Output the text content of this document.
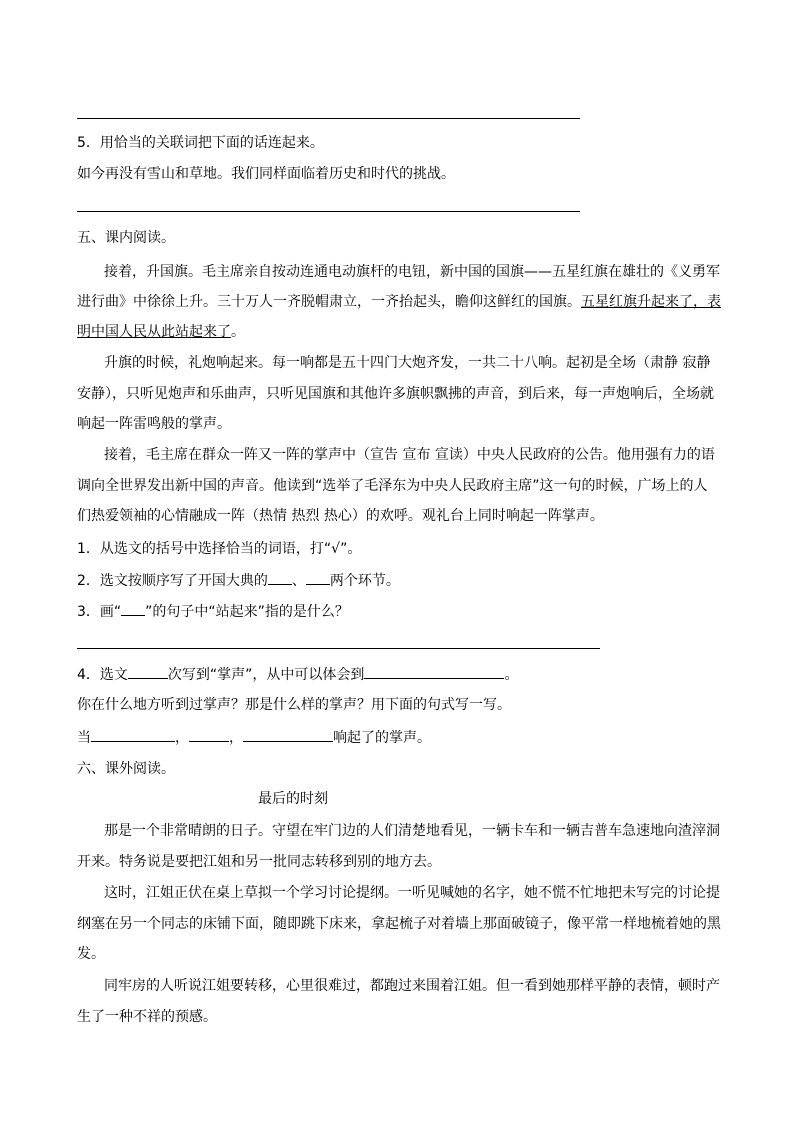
5．用恰当的关联词把下面的话连起来。
如今再没有雪山和草地。我们同样面临着历史和时代的挑战。
五、课内阅读。
接着，升国旗。毛主席亲自按动连通电动旗杆的电钮，新中国的国旗——五星红旗在雄壮的《义勇军
进行曲》中徐徐上升。三十万人一齐脱帽肃立，一齐抬起头，瞻仰这鲜红的国旗。五星红旗升起来了，表
明中国人民从此站起来了。
升旗的时候，礼炮响起来。每一响都是五十四门大炮齐发，一共二十八响。起初是全场（肃静 寂静
安静），只听见炮声和乐曲声，只听见国旗和其他许多旗帜飘拂的声音，到后来，每一声炮响后，全场就
响起一阵雷鸣般的掌声。
接着，毛主席在群众一阵又一阵的掌声中（宣告 宣布 宣读）中央人民政府的公告。他用强有力的语
调向全世界发出新中国的声音。他读到“选举了毛泽东为中央人民政府主席”这一句的时候，广场上的人
们热爱领袖的心情融成一阵（热情 热烈 热心）的欢呼。观礼台上同时响起一阵掌声。
1．从选文的括号中选择恰当的词语，打“√”。
2．选文按顺序写了开国大典的 、 两个环节。
3．画“ ”的句子中“站起来”指的是什么？
4．选文	次写到“掌声”，从中可以体会到	。
你在什么地方听到过掌声？那是什么样的掌声？用下面的句式写一写。
当	，	，	响起了的掌声。
六、课外阅读。
最后的时刻
那是一个非常晴朗的日子。守望在牢门边的人们清楚地看见，一辆卡车和一辆吉普车急速地向渣滓洞
开来。特务说是要把江姐和另一批同志转移到别的地方去。
这时，江姐正伏在桌上草拟一个学习讨论提纲。一听见喊她的名字，她不慌不忙地把未写完的讨论提
纲塞在另一个同志的床铺下面，随即跳下床来，拿起梳子对着墙上那面破镜子，像平常一样地梳着她的黑
发。
同牢房的人听说江姐要转移，心里很难过，都跑过来围着江姐。但一看到她那样平静的表情，顿时产
生了一种不祥的预感。
